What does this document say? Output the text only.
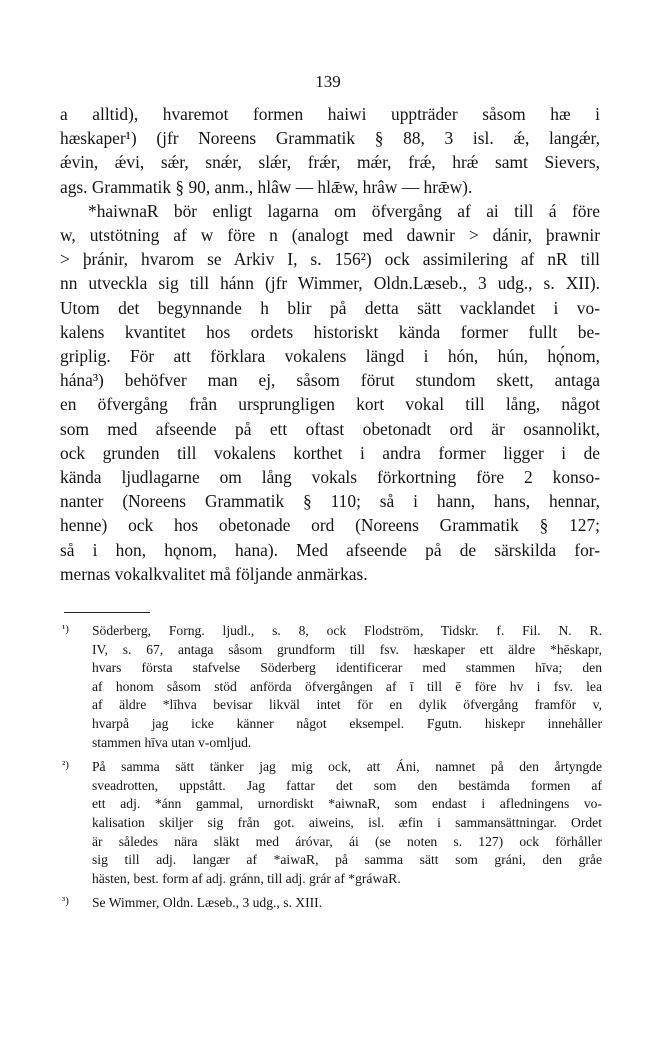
139
a alltid), hvaremot formen haiwi uppträder såsom hæ i
hæskaper¹) (jfr Noreens Grammatik § 88, 3 isl. ǽ, langǽr,
ǽvin, ǽvi, sǽr, snǽr, slǽr, frǽr, mǽr, frǽ, hrǽ samt Sievers,
ags. Grammatik § 90, anm., hlâw — hlǣw, hrâw — hrǣw).
*haiwnaR bör enligt lagarna om öfvergång af ai till á före
w, utstötning af w före n (analogt med dawnir > dánir, þrawnir
> þránir, hvarom se Arkiv I, s. 156²) ock assimilering af nR till
nn utveckla sig till hánn (jfr Wimmer, Oldn.Læseb., 3 udg., s. XII).
Utom det begynnande h blir på detta sätt vacklandet i vo-
kalens kvantitet hos ordets historiskt kända former fullt be-
griplig. För att förklara vokalens längd i hón, hún, hǫ́nom,
hána³) behöfver man ej, såsom förut stundom skett, antaga
en öfvergång från ursprungligen kort vokal till lång, något
som med afseende på ett oftast obetonadt ord är osannolikt,
ock grunden till vokalens korthet i andra former ligger i de
kända ljudlagarne om lång vokals förkortning före 2 konso-
nanter (Noreens Grammatik § 110; så i hann, hans, hennar,
henne) ock hos obetonade ord (Noreens Grammatik § 127;
så i hon, hǫnom, hana). Med afseende på de särskilda for-
mernas vokalkvalitet må följande anmärkas.
¹) Söderberg, Forng. ljudl., s. 8, ock Flodström, Tidskr. f. Fil. N. R.
IV, s. 67, antaga såsom grundform till fsv. hæskaper ett äldre *hēskapr,
hvars första stafvelse Söderberg identificerar med stammen hīva; den
af honom såsom stöd anförda öfvergången af ī till ē före hv i fsv. lea
af äldre *līhva bevisar likväl intet för en dylik öfvergång framför v,
hvarpå jag icke känner något eksempel. Fgutn. hiskepr innehåller
stammen hīva utan v-omljud.
²) På samma sätt tänker jag mig ock, att Áni, namnet på den årtyngde
sveadrotten, uppstått. Jag fattar det som den bestämda formen af
ett adj. *ánn gammal, urnordiskt *aiwnaR, som endast i afledningens vo-
kalisation skiljer sig från got. aiweins, isl. æfin i sammansättningar. Ordet
är således nära släkt med áróvar, ái (se noten s. 127) ock förhåller
sig till adj. langær af *aiwaR, på samma sätt som gráni, den gråe
hästen, best. form af adj. gránn, till adj. grár af *gráwaR.
³) Se Wimmer, Oldn. Læseb., 3 udg., s. XIII.
